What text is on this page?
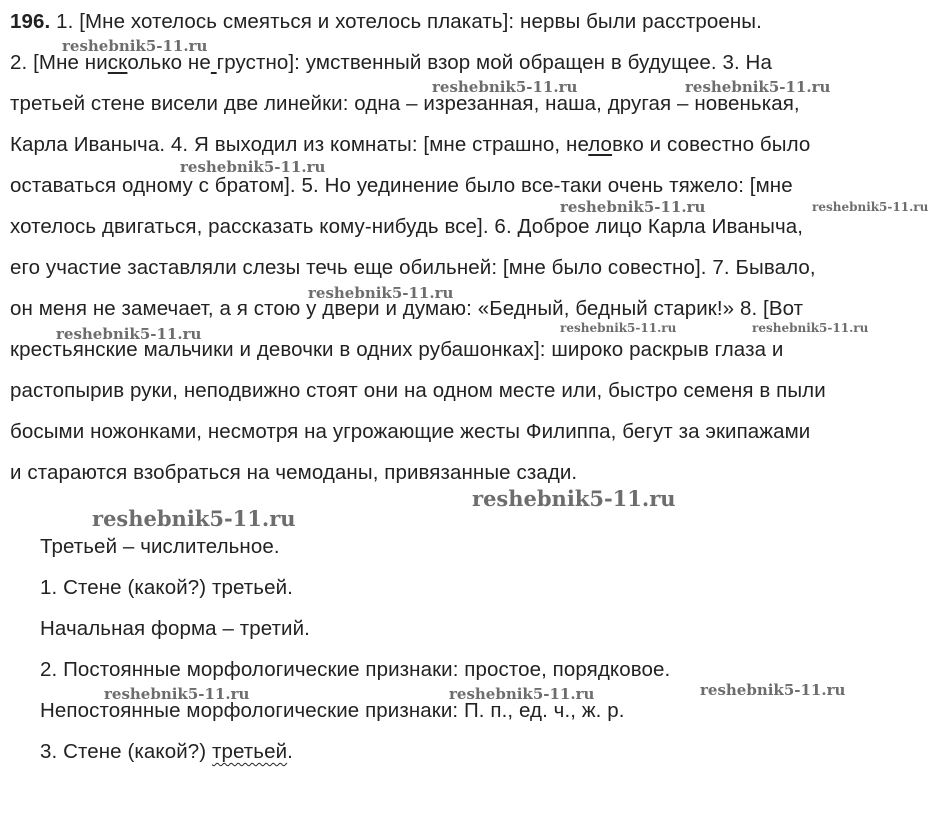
196. 1. [Мне хотелось смеяться и хотелось плакать]: нервы были расстроены.
2. [Мне нисколько не грустно]: умственный взор мой обращен в будущее. 3. На
третьей стене висели две линейки: одна – изрезанная, наша, другая – новенькая,
Карла Иваныча. 4. Я выходил из комнаты: [мне страшно, неловко и совестно было
оставаться одному с братом]. 5. Но уединение было все-таки очень тяжело: [мне
хотелось двигаться, рассказать кому-нибудь все]. 6. Доброе лицо Карла Иваныча,
его участие заставляли слезы течь еще обильней: [мне было совестно]. 7. Бывало,
он меня не замечает, а я стою у двери и думаю: «Бедный, бедный старик!» 8. [Вот
крестьянские мальчики и девочки в одних рубашонках]: широко раскрыв глаза и
растопырив руки, неподвижно стоят они на одном месте или, быстро семеня в пыли
босыми ножонками, несмотря на угрожающие жесты Филиппа, бегут за экипажами
и стараются взобраться на чемоданы, привязанные сзади.
Третьей – числительное.
1. Стене (какой?) третьей.
Начальная форма – третий.
2. Постоянные морфологические признаки: простое, порядковое.
Непостоянные морфологические признаки: П. п., ед. ч., ж. р.
3. Стене (какой?) третьей.
reshebnik5-11.ru
reshebnik5-11.ru	reshebnik5-11.ru
reshebnik5-11.ru
reshebnik5-11.ru	reshebnik5-11.ru
reshebnik5-11.ru
reshebnik5-11.ru	reshebnik5-11.ru	reshebnik5-11.ru
reshebnik5-11.ru
reshebnik5-11.ru
reshebnik5-11.ru	reshebnik5-11.ru	reshebnik5-11.ru
